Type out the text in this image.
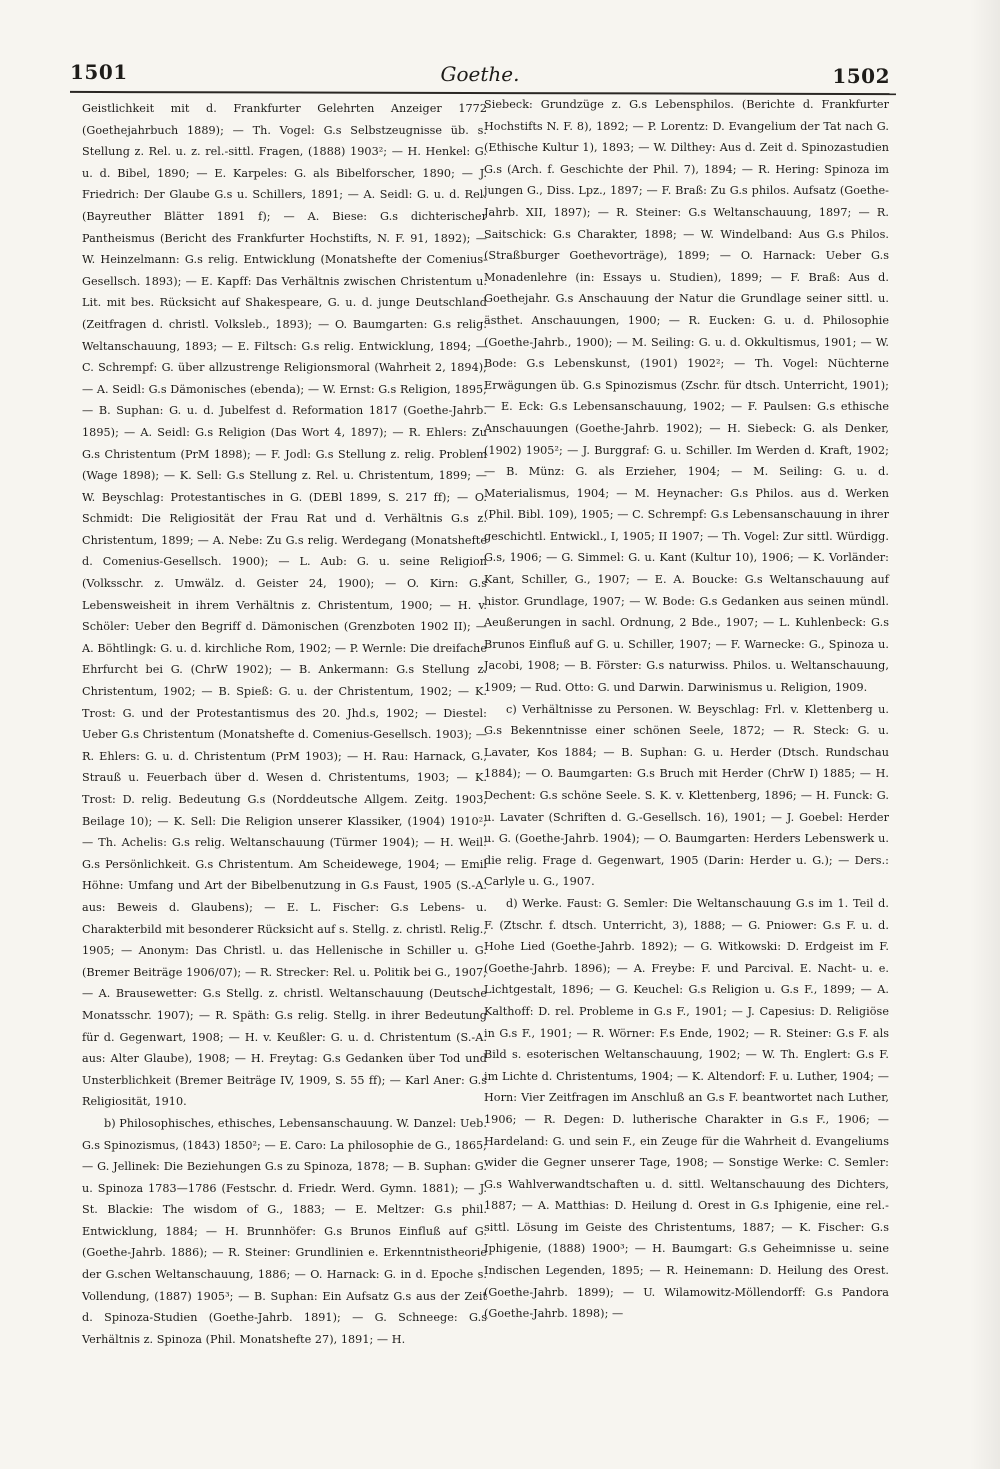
1501	Goethe.	1502

Geistlichkeit mit d. Frankfurter Gelehrten Anzeiger 1772 (Goethejahrbuch 1889); — Th. Vogel: G.s Selbstzeugnisse üb. s. Stellung z. Rel. u. z. rel.-sittl. Fragen, (1888) 1903²; — H. Henkel: G. u. d. Bibel, 1890; — E. Karpeles: G. als Bibelforscher, 1890; — J. Friedrich: Der Glaube G.s u. Schillers, 1891; — A. Seidl: G. u. d. Rel. (Bayreuther Blätter 1891 f); — A. Biese: G.s dichterischer Pantheismus (Bericht des Frankfurter Hochstifts, N. F. 91, 1892); — W. Heinzelmann: G.s relig. Entwicklung (Monatshefte der Comenius-Gesellsch. 1893); — E. Kapff: Das Verhältnis zwischen Christentum u. Lit. mit bes. Rücksicht auf Shakespeare, G. u. d. junge Deutschland (Zeitfragen d. christl. Volksleb., 1893); — O. Baumgarten: G.s relig. Weltanschauung, 1893; — E. Filtsch: G.s relig. Entwicklung, 1894; — C. Schrempf: G. über allzustrenge Religionsmoral (Wahrheit 2, 1894); — A. Seidl: G.s Dämonisches (ebenda); — W. Ernst: G.s Religion, 1895; — B. Suphan: G. u. d. Jubelfest d. Reformation 1817 (Goethe-Jahrb. 1895); — A. Seidl: G.s Religion (Das Wort 4, 1897); — R. Ehlers: Zu G.s Christentum (PrM 1898); — F. Jodl: G.s Stellung z. relig. Problem (Wage 1898); — K. Sell: G.s Stellung z. Rel. u. Christentum, 1899; — W. Beyschlag: Protestantisches in G. (DEBl 1899, S. 217 ff); — O. Schmidt: Die Religiosität der Frau Rat und d. Verhältnis G.s z. Christentum, 1899; — A. Nebe: Zu G.s relig. Werdegang (Monatshefte d. Comenius-Gesellsch. 1900); — L. Aub: G. u. seine Religion (Volksschr. z. Umwälz. d. Geister 24, 1900); — O. Kirn: G.s Lebensweisheit in ihrem Verhältnis z. Christentum, 1900; — H. v. Schöler: Ueber den Begriff d. Dämonischen (Grenzboten 1902 II); — A. Böhtlingk: G. u. d. kirchliche Rom, 1902; — P. Wernle: Die dreifache Ehrfurcht bei G. (ChrW 1902); — B. Ankermann: G.s Stellung z. Christentum, 1902; — B. Spieß: G. u. der Christentum, 1902; — K. Trost: G. und der Protestantismus des 20. Jhd.s, 1902; — Diestel: Ueber G.s Christentum (Monatshefte d. Comenius-Gesellsch. 1903); — R. Ehlers: G. u. d. Christentum (PrM 1903); — H. Rau: Harnack, G., Strauß u. Feuerbach über d. Wesen d. Christentums, 1903; — K. Trost: D. relig. Bedeutung G.s (Norddeutsche Allgem. Zeitg. 1903, Beilage 10); — K. Sell: Die Religion unserer Klassiker, (1904) 1910²; — Th. Achelis: G.s relig. Weltanschauung (Türmer 1904); — H. Weil: G.s Persönlichkeit. G.s Christentum. Am Scheidewege, 1904; — Emil Höhne: Umfang und Art der Bibelbenutzung in G.s Faust, 1905 (S.-A. aus: Beweis d. Glaubens); — E. L. Fischer: G.s Lebens- u. Charakterbild mit besonderer Rücksicht auf s. Stellg. z. christl. Relig., 1905; — Anonym: Das Christl. u. das Hellenische in Schiller u. G. (Bremer Beiträge 1906/07); — R. Strecker: Rel. u. Politik bei G., 1907; — A. Brausewetter: G.s Stellg. z. christl. Weltanschauung (Deutsche Monatsschr. 1907); — R. Späth: G.s relig. Stellg. in ihrer Bedeutung für d. Gegenwart, 1908; — H. v. Keußler: G. u. d. Christentum (S.-A. aus: Alter Glaube), 1908; — H. Freytag: G.s Gedanken über Tod und Unsterblichkeit (Bremer Beiträge IV, 1909, S. 55 ff); — Karl Aner: G.s Religiosität, 1910.

b) Philosophisches, ethisches, Lebensanschauung. W. Danzel: Ueb. G.s Spinozismus, (1843) 1850²; — E. Caro: La philosophie de G., 1865; — G. Jellinek: Die Beziehungen G.s zu Spinoza, 1878; — B. Suphan: G. u. Spinoza 1783—1786 (Festschr. d. Friedr. Werd. Gymn. 1881); — J. St. Blackie: The wisdom of G., 1883; — E. Meltzer: G.s phil. Entwicklung, 1884; — H. Brunnhöfer: G.s Brunos Einfluß auf G. (Goethe-Jahrb. 1886); — R. Steiner: Grundlinien e. Erkenntnistheorie der G.schen Weltanschauung, 1886; — O. Harnack: G. in d. Epoche s. Vollendung, (1887) 1905³; — B. Suphan: Ein Aufsatz G.s aus der Zeit d. Spinoza-Studien (Goethe-Jahrb. 1891); — G. Schneege: G.s Verhältnis z. Spinoza (Phil. Monatshefte 27), 1891; — H.

Siebeck: Grundzüge z. G.s Lebensphilos. (Berichte d. Frankfurter Hochstifts N. F. 8), 1892; — P. Lorentz: D. Evangelium der Tat nach G. (Ethische Kultur 1), 1893; — W. Dilthey: Aus d. Zeit d. Spinozastudien G.s (Arch. f. Geschichte der Phil. 7), 1894; — R. Hering: Spinoza im jungen G., Diss. Lpz., 1897; — F. Braß: Zu G.s philos. Aufsatz (Goethe-Jahrb. XII, 1897); — R. Steiner: G.s Weltanschauung, 1897; — R. Saitschick: G.s Charakter, 1898; — W. Windelband: Aus G.s Philos. (Straßburger Goethevorträge), 1899; — O. Harnack: Ueber G.s Monadenlehre (in: Essays u. Studien), 1899; — F. Braß: Aus d. Goethejahr. G.s Anschauung der Natur die Grundlage seiner sittl. u. ästhet. Anschauungen, 1900; — R. Eucken: G. u. d. Philosophie (Goethe-Jahrb., 1900); — M. Seiling: G. u. d. Okkultismus, 1901; — W. Bode: G.s Lebenskunst, (1901) 1902²; — Th. Vogel: Nüchterne Erwägungen üb. G.s Spinozismus (Zschr. für dtsch. Unterricht, 1901); — E. Eck: G.s Lebensanschauung, 1902; — F. Paulsen: G.s ethische Anschauungen (Goethe-Jahrb. 1902); — H. Siebeck: G. als Denker, (1902) 1905²; — J. Burggraf: G. u. Schiller. Im Werden d. Kraft, 1902; — B. Münz: G. als Erzieher, 1904; — M. Seiling: G. u. d. Materialismus, 1904; — M. Heynacher: G.s Philos. aus d. Werken (Phil. Bibl. 109), 1905; — C. Schrempf: G.s Lebensanschauung in ihrer geschichtl. Entwickl., I, 1905; II 1907; — Th. Vogel: Zur sittl. Würdigg. G.s, 1906; — G. Simmel: G. u. Kant (Kultur 10), 1906; — K. Vorländer: Kant, Schiller, G., 1907; — E. A. Boucke: G.s Weltanschauung auf histor. Grundlage, 1907; — W. Bode: G.s Gedanken aus seinen mündl. Aeußerungen in sachl. Ordnung, 2 Bde., 1907; — L. Kuhlenbeck: G.s Brunos Einfluß auf G. u. Schiller, 1907; — F. Warnecke: G., Spinoza u. Jacobi, 1908; — B. Förster: G.s naturwiss. Philos. u. Weltanschauung, 1909; — Rud. Otto: G. und Darwin. Darwinismus u. Religion, 1909.

c) Verhältnisse zu Personen. W. Beyschlag: Frl. v. Klettenberg u. G.s Bekenntnisse einer schönen Seele, 1872; — R. Steck: G. u. Lavater, Kos 1884; — B. Suphan: G. u. Herder (Dtsch. Rundschau 1884); — O. Baumgarten: G.s Bruch mit Herder (ChrW I) 1885; — H. Dechent: G.s schöne Seele. S. K. v. Klettenberg, 1896; — H. Funck: G. u. Lavater (Schriften d. G.-Gesellsch. 16), 1901; — J. Goebel: Herder u. G. (Goethe-Jahrb. 1904); — O. Baumgarten: Herders Lebenswerk u. die relig. Frage d. Gegenwart, 1905 (Darin: Herder u. G.); — Ders.: Carlyle u. G., 1907.

d) Werke. Faust: G. Semler: Die Weltanschauung G.s im 1. Teil d. F. (Ztschr. f. dtsch. Unterricht, 3), 1888; — G. Pniower: G.s F. u. d. Hohe Lied (Goethe-Jahrb. 1892); — G. Witkowski: D. Erdgeist im F. (Goethe-Jahrb. 1896); — A. Freybe: F. und Parcival. E. Nacht- u. e. Lichtgestalt, 1896; — G. Keuchel: G.s Religion u. G.s F., 1899; — A. Kalthoff: D. rel. Probleme in G.s F., 1901; — J. Capesius: D. Religiöse in G.s F., 1901; — R. Wörner: F.s Ende, 1902; — R. Steiner: G.s F. als Bild s. esoterischen Weltanschauung, 1902; — W. Th. Englert: G.s F. im Lichte d. Christentums, 1904; — K. Altendorf: F. u. Luther, 1904; — Horn: Vier Zeitfragen im Anschluß an G.s F. beantwortet nach Luther, 1906; — R. Degen: D. lutherische Charakter in G.s F., 1906; — Hardeland: G. und sein F., ein Zeuge für die Wahrheit d. Evangeliums wider die Gegner unserer Tage, 1908; — Sonstige Werke: C. Semler: G.s Wahlverwandtschaften u. d. sittl. Weltanschauung des Dichters, 1887; — A. Matthias: D. Heilung d. Orest in G.s Iphigenie, eine rel.-sittl. Lösung im Geiste des Christentums, 1887; — K. Fischer: G.s Iphigenie, (1888) 1900³; — H. Baumgart: G.s Geheimnisse u. seine Indischen Legenden, 1895; — R. Heinemann: D. Heilung des Orest. (Goethe-Jahrb. 1899); — U. Wilamowitz-Möllendorff: G.s Pandora (Goethe-Jahrb. 1898); —
